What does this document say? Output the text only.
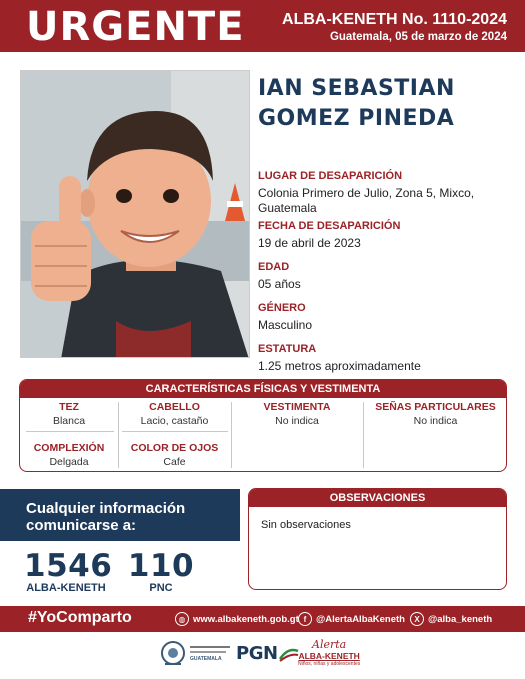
URGENTE ALBA-KENETH No. 1110-2024
Guatemala, 05 de marzo de 2024
IAN SEBASTIAN
GOMEZ PINEDA
LUGAR DE DESAPARICIÓN
Colonia Primero de Julio, Zona 5, Mixco, Guatemala
FECHA DE DESAPARICIÓN
19 de abril de 2023
EDAD
05 años
GÉNERO
Masculino
ESTATURA
1.25 metros aproximadamente
CARACTERÍSTICAS FÍSICAS Y VESTIMENTA
TEZ
Blanca
CABELLO
Lacio, castaño
VESTIMENTA
No indica
SEÑAS PARTICULARES
No indica
COMPLEXIÓN
Delgada
COLOR DE OJOS
Cafe
Cualquier información
comunicarse a:
1546
ALBA-KENETH
110
PNC
OBSERVACIONES
Sin observaciones
#YoComparto	◍ www.albakeneth.gob.gt f	@AlertaAlbaKeneth	X @alba_keneth
GUATEMALA PGN	Alerta
ALBA-KENETH
Niños, niñas y adolescentes
